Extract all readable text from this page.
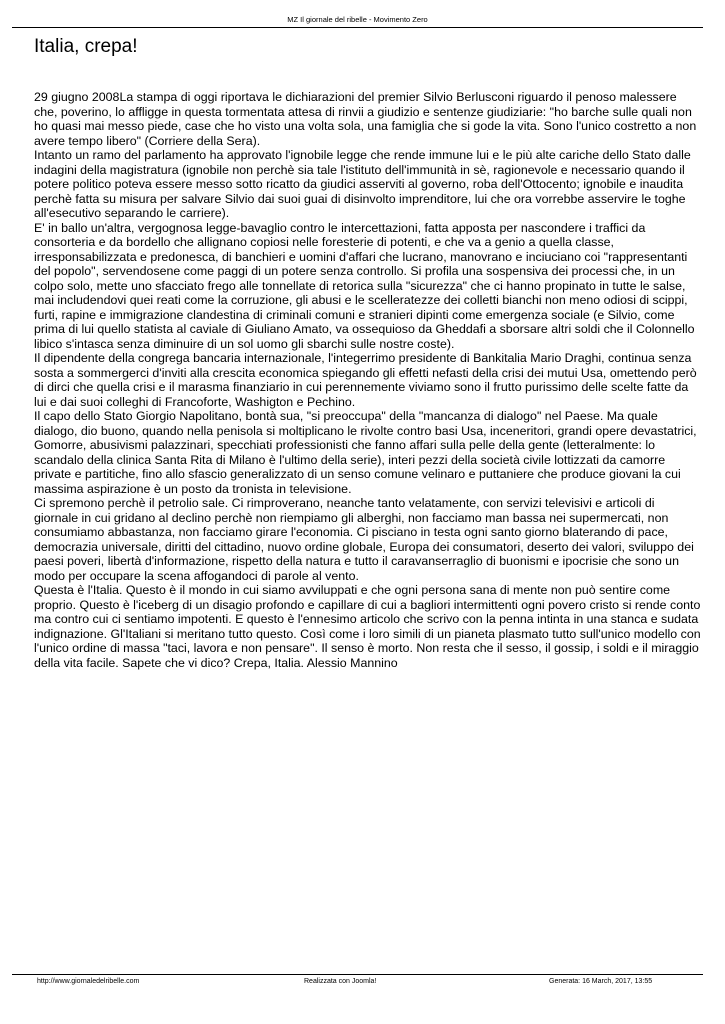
MZ Il giornale del ribelle - Movimento Zero
Italia, crepa!

29 giugno 2008La stampa di oggi riportava le dichiarazioni del premier Silvio Berlusconi riguardo il penoso malessere che, poverino, lo affligge in questa tormentata attesa di rinvii a giudizio e sentenze giudiziarie: "ho barche sulle quali non ho quasi mai messo piede, case che ho visto una volta sola, una famiglia che si gode la vita. Sono l'unico costretto a non avere tempo libero" (Corriere della Sera).

Intanto un ramo del parlamento ha approvato l'ignobile legge che rende immune lui e le più alte cariche dello Stato dalle indagini della magistratura (ignobile non perchè sia tale l'istituto dell'immunità in sè, ragionevole e necessario quando il potere politico poteva essere messo sotto ricatto da giudici asserviti al governo, roba dell'Ottocento; ignobile e inaudita perchè fatta su misura per salvare Silvio dai suoi guai di disinvolto imprenditore, lui che ora vorrebbe asservire le toghe all'esecutivo separando le carriere).

E' in ballo un'altra, vergognosa legge-bavaglio contro le intercettazioni, fatta apposta per nascondere i traffici da consorteria e da bordello che allignano copiosi nelle foresterie di potenti, e che va a genio a quella classe, irresponsabilizzata e predonesca, di banchieri e uomini d'affari che lucrano, manovrano e inciuciano coi "rappresentanti del popolo", servendosene come paggi di un potere senza controllo. Si profila una sospensiva dei processi che, in un colpo solo, mette uno sfacciato frego alle tonnellate di retorica sulla "sicurezza" che ci hanno propinato in tutte le salse, mai includendovi quei reati come la corruzione, gli abusi e le scelleratezze dei colletti bianchi non meno odiosi di scippi, furti, rapine e immigrazione clandestina di criminali comuni e stranieri dipinti come emergenza sociale (e Silvio, come prima di lui quello statista al caviale di Giuliano Amato, va ossequioso da Gheddafi a sborsare altri soldi che il Colonnello libico s'intasca senza diminuire di un sol uomo gli sbarchi sulle nostre coste).

Il dipendente della congrega bancaria internazionale, l'integerrimo presidente di Bankitalia Mario Draghi, continua senza sosta a sommergerci d'inviti alla crescita economica spiegando gli effetti nefasti della crisi dei mutui Usa, omettendo però di dirci che quella crisi e il marasma finanziario in cui perennemente viviamo sono il frutto purissimo delle scelte fatte da lui e dai suoi colleghi di Francoforte, Washigton e Pechino.

Il capo dello Stato Giorgio Napolitano, bontà sua, "si preoccupa" della "mancanza di dialogo" nel Paese. Ma quale dialogo, dio buono, quando nella penisola si moltiplicano le rivolte contro basi Usa, inceneritori, grandi opere devastatrici, Gomorre, abusivismi palazzinari, specchiati professionisti che fanno affari sulla pelle della gente (letteralmente: lo scandalo della clinica Santa Rita di Milano è l'ultimo della serie), interi pezzi della società civile lottizzati da camorre private e partitiche, fino allo sfascio generalizzato di un senso comune velinaro e puttaniere che produce giovani la cui massima aspirazione è un posto da tronista in televisione.

Ci spremono perchè il petrolio sale. Ci rimproverano, neanche tanto velatamente, con servizi televisivi e articoli di giornale in cui gridano al declino perchè non riempiamo gli alberghi, non facciamo man bassa nei supermercati, non consumiamo abbastanza, non facciamo girare l'economia. Ci pisciano in testa ogni santo giorno blaterando di pace, democrazia universale, diritti del cittadino, nuovo ordine globale, Europa dei consumatori, deserto dei valori, sviluppo dei paesi poveri, libertà d'informazione, rispetto della natura e tutto il caravanserraglio di buonismi e ipocrisie che sono un modo per occupare la scena affogandoci di parole al vento.

Questa è l'Italia. Questo è il mondo in cui siamo avviluppati e che ogni persona sana di mente non può sentire come proprio. Questo è l'iceberg di un disagio profondo e capillare di cui a bagliori intermittenti ogni povero cristo si rende conto ma contro cui ci sentiamo impotenti. E questo è l'ennesimo articolo che scrivo con la penna intinta in una stanca e sudata indignazione. Gl'Italiani si meritano tutto questo. Così come i loro simili di un pianeta plasmato tutto sull'unico modello con l'unico ordine di massa "taci, lavora e non pensare". Il senso è morto. Non resta che il sesso, il gossip, i soldi e il miraggio della vita facile. Sapete che vi dico? Crepa, Italia. Alessio Mannino

http://www.giornaledelribelle.com	Realizzata con Joomla!	Generata: 16 March, 2017, 13:55
